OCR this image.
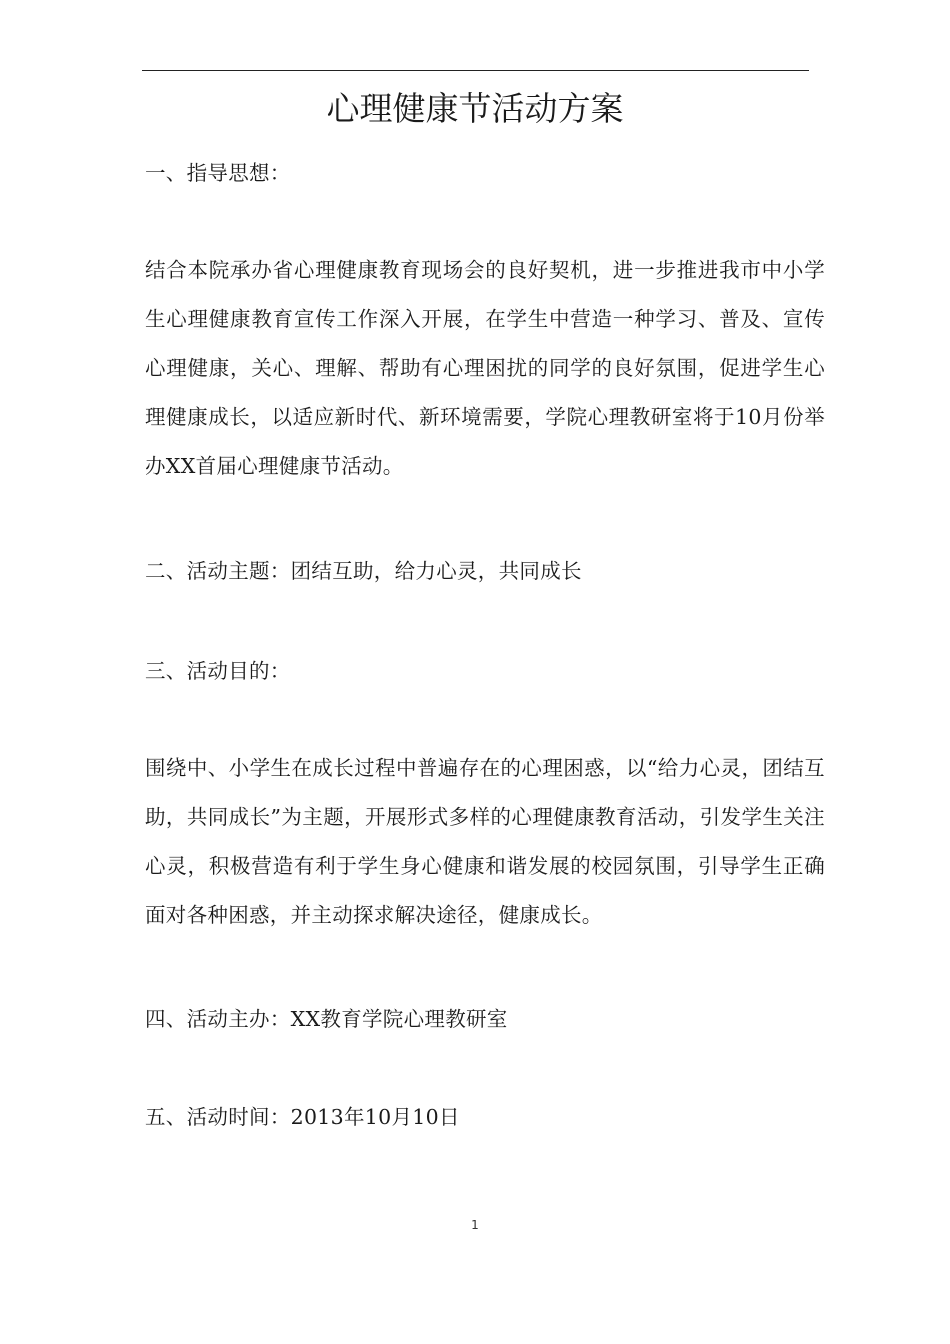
心理健康节活动方案

一、指导思想：

结合本院承办省心理健康教育现场会的良好契机，进一步推进我市中小学生心理健康教育宣传工作深入开展，在学生中营造一种学习、普及、宣传心理健康，关心、理解、帮助有心理困扰的同学的良好氛围，促进学生心理健康成长，以适应新时代、新环境需要，学院心理教研室将于10月份举办XX首届心理健康节活动。

二、活动主题：团结互助，给力心灵，共同成长

三、活动目的：

围绕中、小学生在成长过程中普遍存在的心理困惑，以“给力心灵，团结互助，共同成长”为主题，开展形式多样的心理健康教育活动，引发学生关注心灵，积极营造有利于学生身心健康和谐发展的校园氛围，引导学生正确面对各种困惑，并主动探求解决途径，健康成长。

四、活动主办：XX教育学院心理教研室

五、活动时间：2013年10月10日

1
